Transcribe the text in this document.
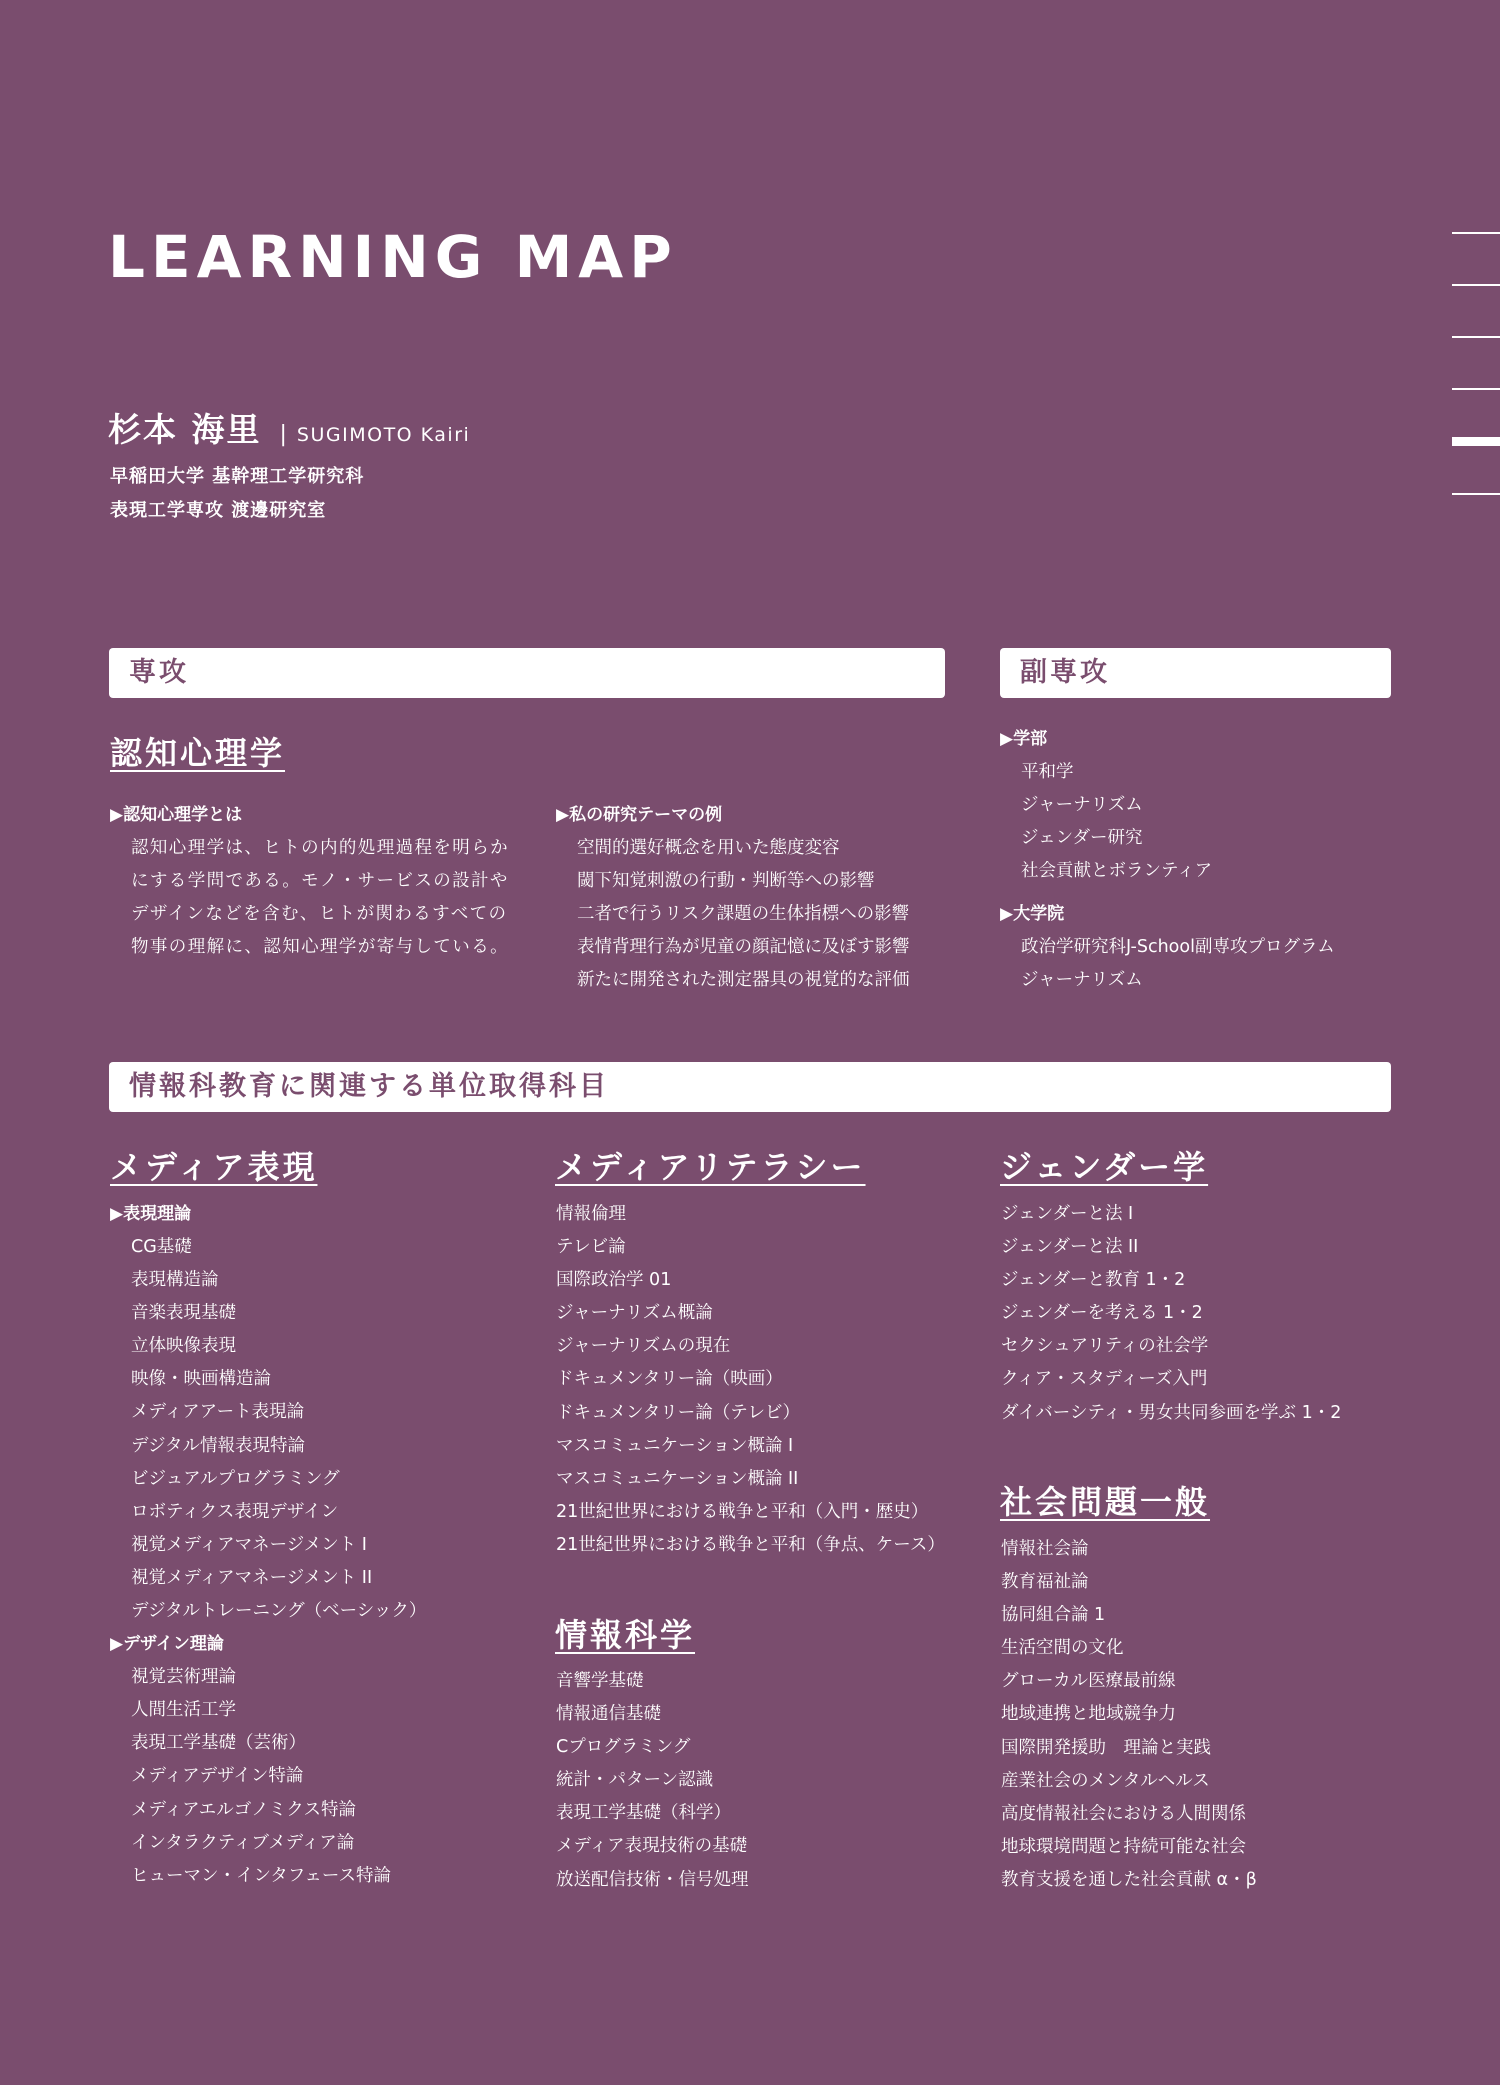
LEARNING MAP
杉本 海里 | SUGIMOTO Kairi
早稲田大学 基幹理工学研究科
表現工学専攻 渡邊研究室
専攻	副専攻
認知心理学
▶認知心理学とは

認知心理学は、ヒトの内的処理過程を明らかにする学問である。モノ・サービスの設計やデザインなどを含む、ヒトが関わるすべての物事の理解に、認知心理学が寄与している。

▶私の研究テーマの例
空間的選好概念を用いた態度変容
閾下知覚刺激の行動・判断等への影響
二者で行うリスク課題の生体指標への影響
表情背理行為が児童の顔記憶に及ぼす影響
新たに開発された測定器具の視覚的な評価
▶学部
平和学
ジャーナリズム
ジェンダー研究
社会貢献とボランティア
▶大学院
政治学研究科J-School副専攻プログラム
ジャーナリズム
情報科教育に関連する単位取得科目
メディア表現
▶表現理論
CG基礎
表現構造論
音楽表現基礎
立体映像表現
映像・映画構造論
メディアアート表現論
デジタル情報表現特論
ビジュアルプログラミング
ロボティクス表現デザイン
視覚メディアマネージメント I
視覚メディアマネージメント II
デジタルトレーニング（ベーシック）
▶デザイン理論
視覚芸術理論
人間生活工学
表現工学基礎（芸術）
メディアデザイン特論
メディアエルゴノミクス特論
インタラクティブメディア論
ヒューマン・インタフェース特論
メディアリテラシー
情報倫理
テレビ論
国際政治学 01
ジャーナリズム概論
ジャーナリズムの現在
ドキュメンタリー論（映画）
ドキュメンタリー論（テレビ）
マスコミュニケーション概論 I
マスコミュニケーション概論 II
21世紀世界における戦争と平和（入門・歴史）
21世紀世界における戦争と平和（争点、ケース）
情報科学
音響学基礎
情報通信基礎
Cプログラミング
統計・パターン認識
表現工学基礎（科学）
メディア表現技術の基礎
放送配信技術・信号処理
ジェンダー学
ジェンダーと法 I
ジェンダーと法 II
ジェンダーと教育 1・2
ジェンダーを考える 1・2
セクシュアリティの社会学
クィア・スタディーズ入門
ダイバーシティ・男女共同参画を学ぶ 1・2
社会問題一般
情報社会論
教育福祉論
協同組合論 1
生活空間の文化
グローカル医療最前線
地域連携と地域競争力
国際開発援助　理論と実践
産業社会のメンタルヘルス
高度情報社会における人間関係
地球環境問題と持続可能な社会
教育支援を通した社会貢献 α・β
